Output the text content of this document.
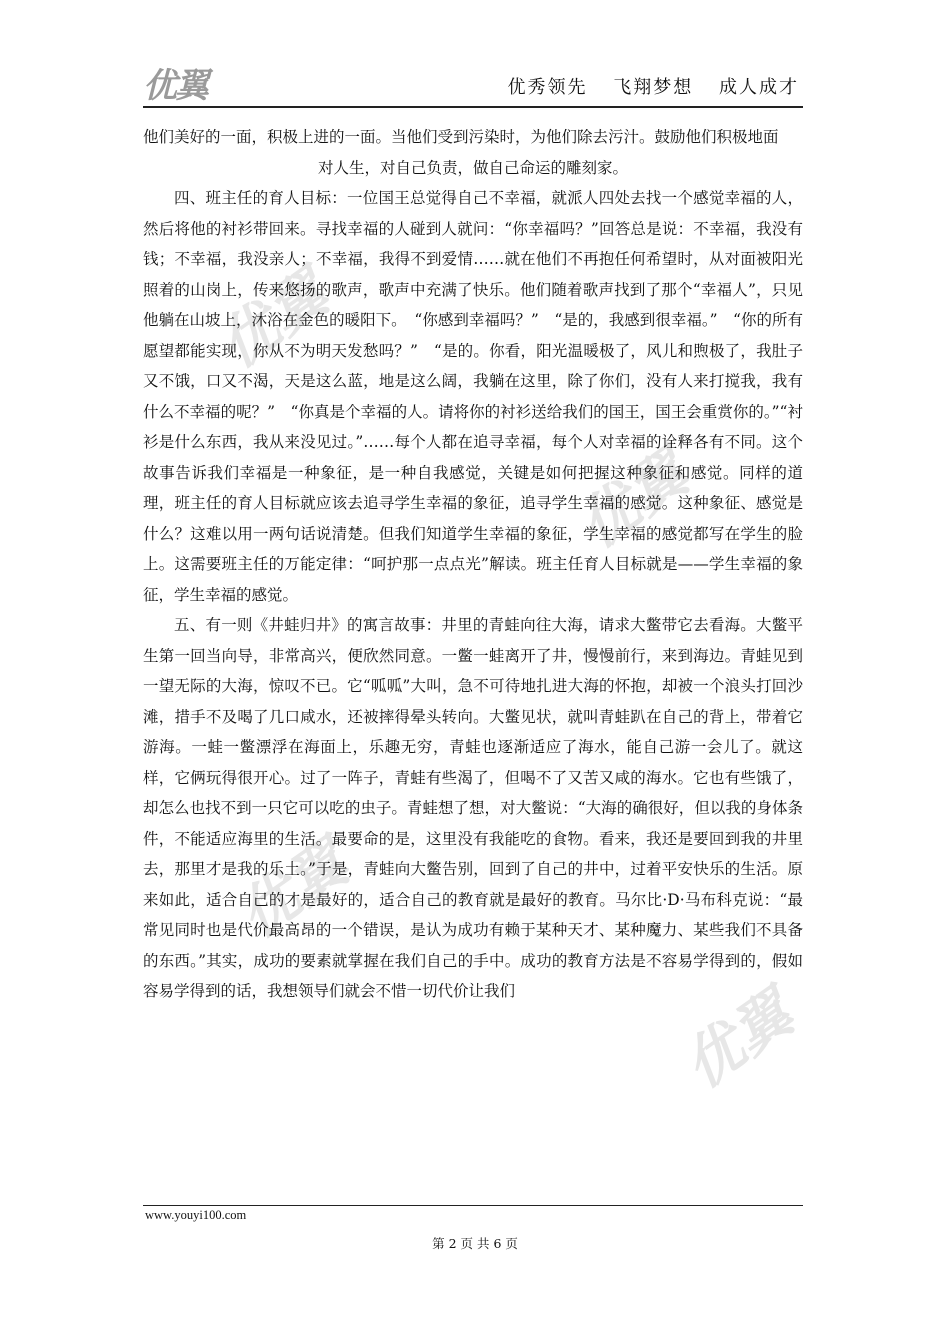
优翼	优秀领先 飞翔梦想 成人成才
优翼
优翼
优翼
优翼

他们美好的一面，积极上进的一面。当他们受到污染时，为他们除去污汁。鼓励他们积极地面

对人生，对自己负责，做自己命运的雕刻家。

四、班主任的育人目标：一位国王总觉得自己不幸福，就派人四处去找一个感觉幸福的人，然后将他的衬衫带回来。寻找幸福的人碰到人就问：“你幸福吗？”回答总是说：不幸福，我没有钱；不幸福，我没亲人；不幸福，我得不到爱情……就在他们不再抱任何希望时，从对面被阳光照着的山岗上，传来悠扬的歌声，歌声中充满了快乐。他们随着歌声找到了那个“幸福人”，只见他躺在山坡上，沐浴在金色的暖阳下。　“你感到幸福吗？”　“是的，我感到很幸福。”　“你的所有愿望都能实现，你从不为明天发愁吗？”　“是的。你看，阳光温暖极了，风儿和煦极了，我肚子又不饿，口又不渴，天是这么蓝，地是这么阔，我躺在这里，除了你们，没有人来打搅我，我有什么不幸福的呢？”　“你真是个幸福的人。请将你的衬衫送给我们的国王，国王会重赏你的。”“衬衫是什么东西，我从来没见过。”……每个人都在追寻幸福，每个人对幸福的诠释各有不同。这个故事告诉我们幸福是一种象征，是一种自我感觉，关键是如何把握这种象征和感觉。同样的道理，班主任的育人目标就应该去追寻学生幸福的象征，追寻学生幸福的感觉。这种象征、感觉是什么？这难以用一两句话说清楚。但我们知道学生幸福的象征，学生幸福的感觉都写在学生的脸上。这需要班主任的万能定律：“呵护那一点点光”解读。班主任育人目标就是——学生幸福的象征，学生幸福的感觉。

五、有一则《井蛙归井》的寓言故事：井里的青蛙向往大海，请求大鳖带它去看海。大鳖平生第一回当向导，非常高兴，便欣然同意。一鳖一蛙离开了井，慢慢前行，来到海边。青蛙见到一望无际的大海，惊叹不已。它“呱呱”大叫，急不可待地扎进大海的怀抱，却被一个浪头打回沙滩，措手不及喝了几口咸水，还被摔得晕头转向。大鳖见状，就叫青蛙趴在自己的背上，带着它游海。一蛙一鳖漂浮在海面上，乐趣无穷，青蛙也逐渐适应了海水，能自己游一会儿了。就这样，它俩玩得很开心。过了一阵子，青蛙有些渴了，但喝不了又苦又咸的海水。它也有些饿了，却怎么也找不到一只它可以吃的虫子。青蛙想了想，对大鳖说：“大海的确很好，但以我的身体条件，不能适应海里的生活。最要命的是，这里没有我能吃的食物。看来，我还是要回到我的井里去，那里才是我的乐土。”于是，青蛙向大鳖告别，回到了自己的井中，过着平安快乐的生活。原来如此，适合自己的才是最好的，适合自己的教育就是最好的教育。马尔比·D·马布科克说：“最常见同时也是代价最高昂的一个错误，是认为成功有赖于某种天才、某种魔力、某些我们不具备的东西。”其实，成功的要素就掌握在我们自己的手中。成功的教育方法是不容易学得到的，假如容易学得到的话，我想领导们就会不惜一切代价让我们

www.youyi100.com
第 2 页 共 6 页
